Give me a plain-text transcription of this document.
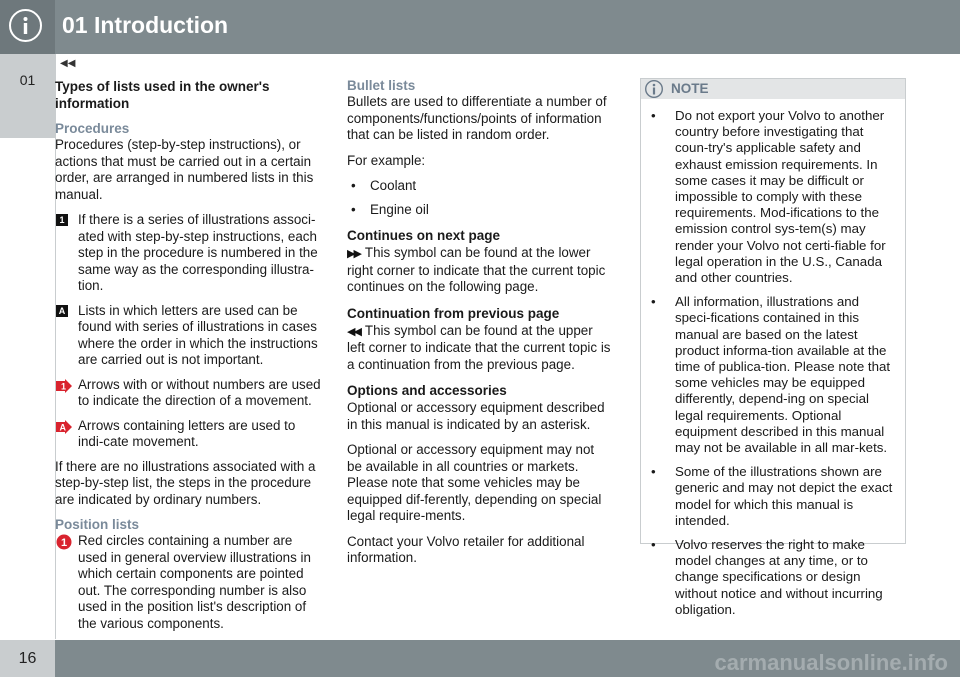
01 Introduction
01
◀◀
Types of lists used in the owner's information
Procedures

Procedures (step-by-step instructions), or actions that must be carried out in a certain order, are arranged in numbered lists in this manual.

1 If there is a series of illustrations associ-ated with step-by-step instructions, each step in the procedure is numbered in the same way as the corresponding illustra-tion.
A Lists in which letters are used can be found with series of illustrations in cases where the order in which the instructions are carried out is not important.
1 Arrows with or without numbers are used to indicate the direction of a movement.
A Arrows containing letters are used to indi-cate movement.

If there are no illustrations associated with a step-by-step list, the steps in the procedure are indicated by ordinary numbers.

Position lists
1 Red circles containing a number are used in general overview illustrations in which certain components are pointed out. The corresponding number is also used in the position list's description of the various components.
Bullet lists

Bullets are used to differentiate a number of components/functions/points of information that can be listed in random order.

For example:

• Coolant
• Engine oil
Continues on next page

▶▶ This symbol can be found at the lower right corner to indicate that the current topic continues on the following page.

Continuation from previous page

◀◀ This symbol can be found at the upper left corner to indicate that the current topic is a continuation from the previous page.

Options and accessories

Optional or accessory equipment described in this manual is indicated by an asterisk.

Optional or accessory equipment may not be available in all countries or markets. Please note that some vehicles may be equipped dif-ferently, depending on special legal require-ments.

Contact your Volvo retailer for additional information.

NOTE
• Do not export your Volvo to another country before investigating that coun-try's applicable safety and exhaust emission requirements. In some cases it may be difficult or impossible to comply with these requirements. Mod-ifications to the emission control sys-tem(s) may render your Volvo not certi-fiable for legal operation in the U.S., Canada and other countries.
• All information, illustrations and speci-fications contained in this manual are based on the latest product informa-tion available at the time of publica-tion. Please note that some vehicles may be equipped differently, depend-ing on special legal requirements. Optional equipment described in this manual may not be available in all mar-kets.
• Some of the illustrations shown are generic and may not depict the exact model for which this manual is intended.
• Volvo reserves the right to make model changes at any time, or to change specifications or design without notice and without incurring obligation.
16	carmanualsonline.info
